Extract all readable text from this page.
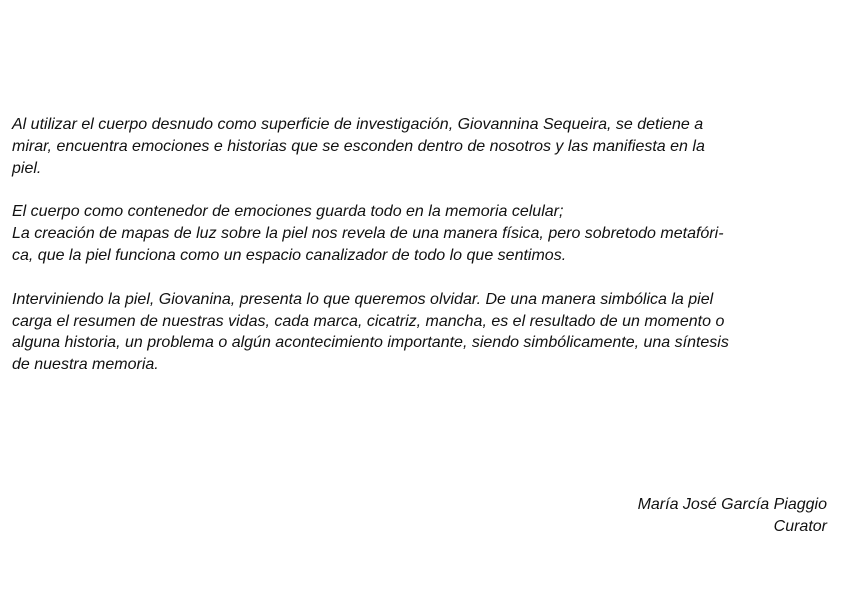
Al utilizar el cuerpo desnudo como superficie de investigación, Giovannina Sequeira, se detiene a
mirar, encuentra emociones e historias que se esconden dentro de nosotros y las manifiesta en la
piel.

El cuerpo como contenedor de emociones guarda todo en la memoria celular;
La creación de mapas de luz sobre la piel nos revela de una manera física, pero sobretodo metafóri-
ca, que la piel funciona como un espacio canalizador de todo lo que sentimos.

Interviniendo la piel, Giovanina, presenta lo que queremos olvidar. De una manera simbólica la piel
carga el resumen de nuestras vidas, cada marca, cicatriz, mancha, es el resultado de un momento o
alguna historia, un problema o algún acontecimiento importante, siendo simbólicamente, una síntesis
de nuestra memoria.

María José García Piaggio
Curator
